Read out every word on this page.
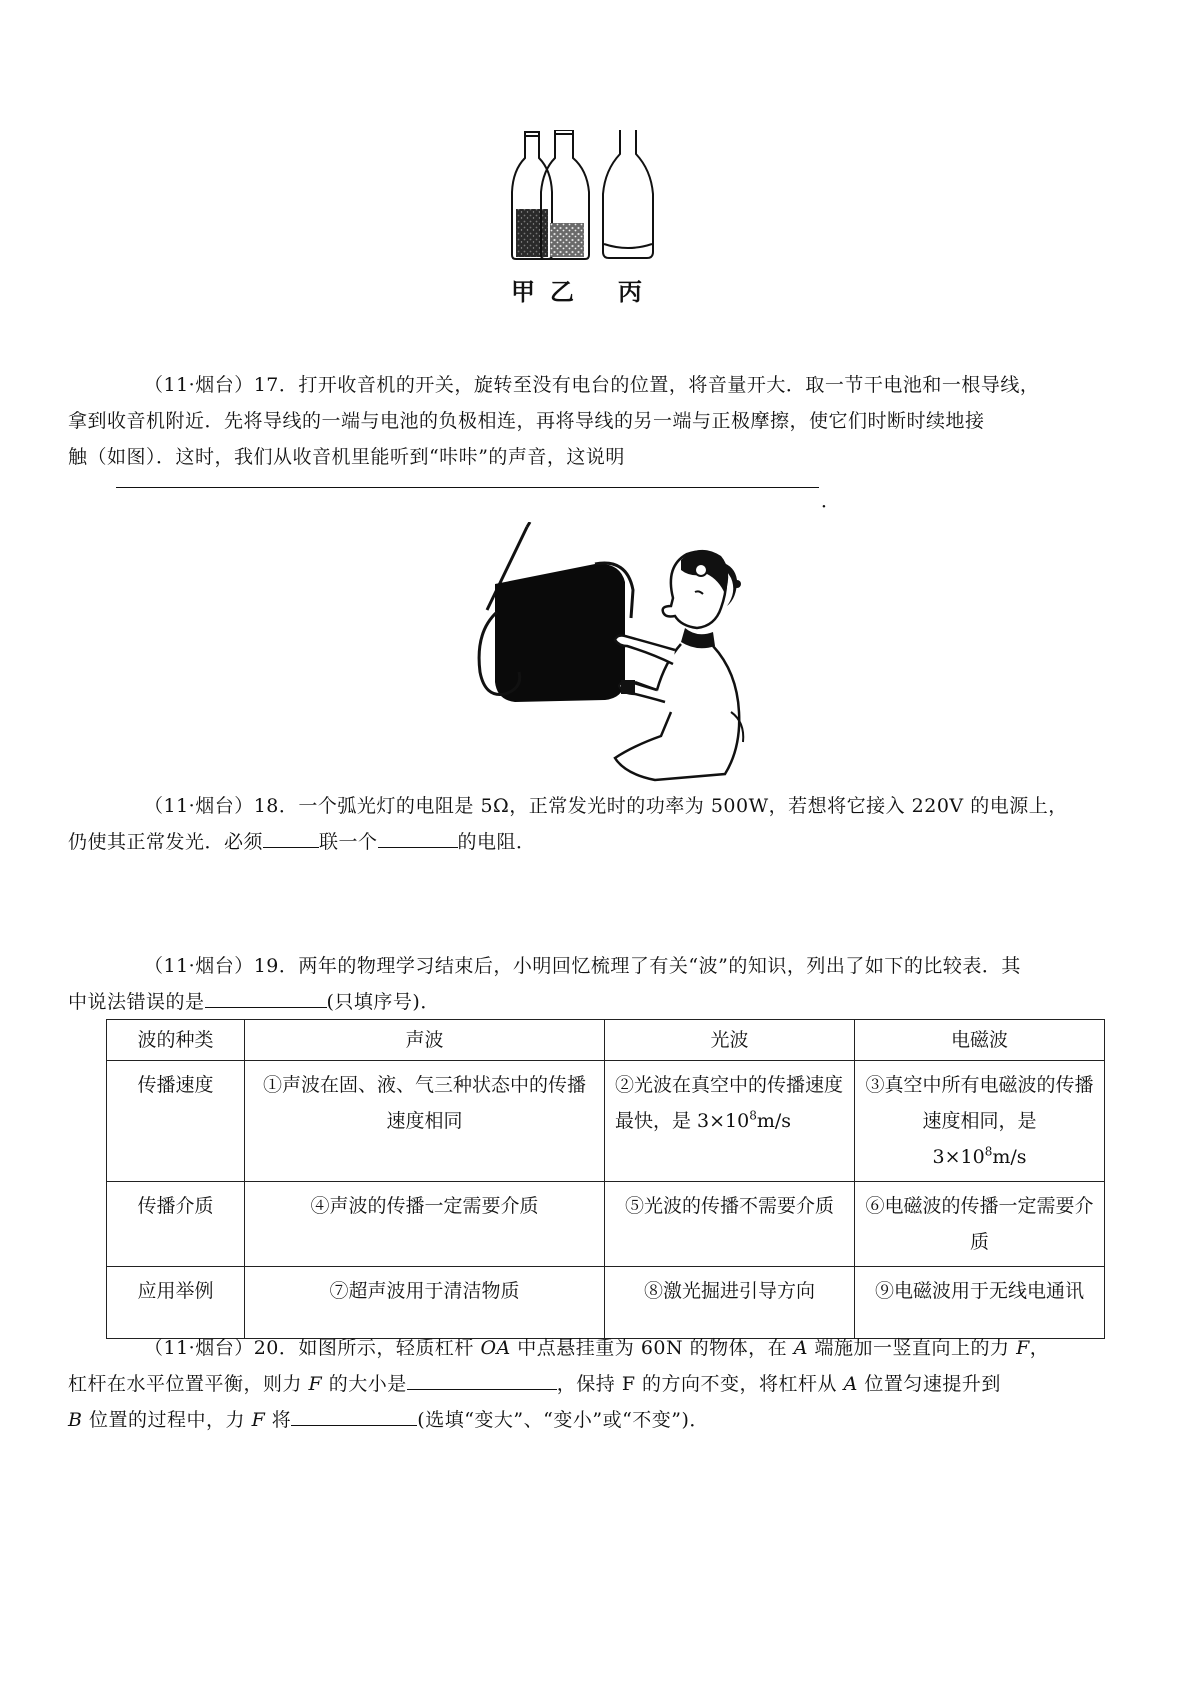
甲 乙 丙
（11·烟台）17．打开收音机的开关，旋转至没有电台的位置，将音量开大．取一节干电池和一根导线，
拿到收音机附近．先将导线的一端与电池的负极相连，再将导线的另一端与正极摩擦，使它们时断时续地接
触（如图）．这时，我们从收音机里能听到“咔咔”的声音，这说明
．
（11·烟台）18．一个弧光灯的电阻是 5Ω，正常发光时的功率为 500W，若想将它接入 220V 的电源上，
仍使其正常发光．必须	联一个	的电阻．
（11·烟台）19．两年的物理学习结束后，小明回忆梳理了有关“波”的知识，列出了如下的比较表．其
中说法错误的是	(只填序号)．
波的种类	声波	光波	电磁波
传播速度	①声波在固、液、气三种状态中的传播速度相同	②光波在真空中的传播速度最快，是 $3\times 10^8m/s$	③真空中所有电磁波的传播速度相同，是
$3\times 10^8m/s$
传播介质	④声波的传播一定需要介质	⑤光波的传播不需要介质	⑥电磁波的传播一定需要介质
应用举例	⑦超声波用于清洁物质	⑧激光掘进引导方向	⑨电磁波用于无线电通讯
（11·烟台）20．如图所示，轻质杠杆 OA 中点悬挂重为 60N 的物体，在 A 端施加一竖直向上的力 F，
杠杆在水平位置平衡，则力 F 的大小是	，保持 F 的方向不变，将杠杆从 A 位置匀速提升到
B 位置的过程中，力 F 将	(选填“变大”、“变小”或“不变”)．
